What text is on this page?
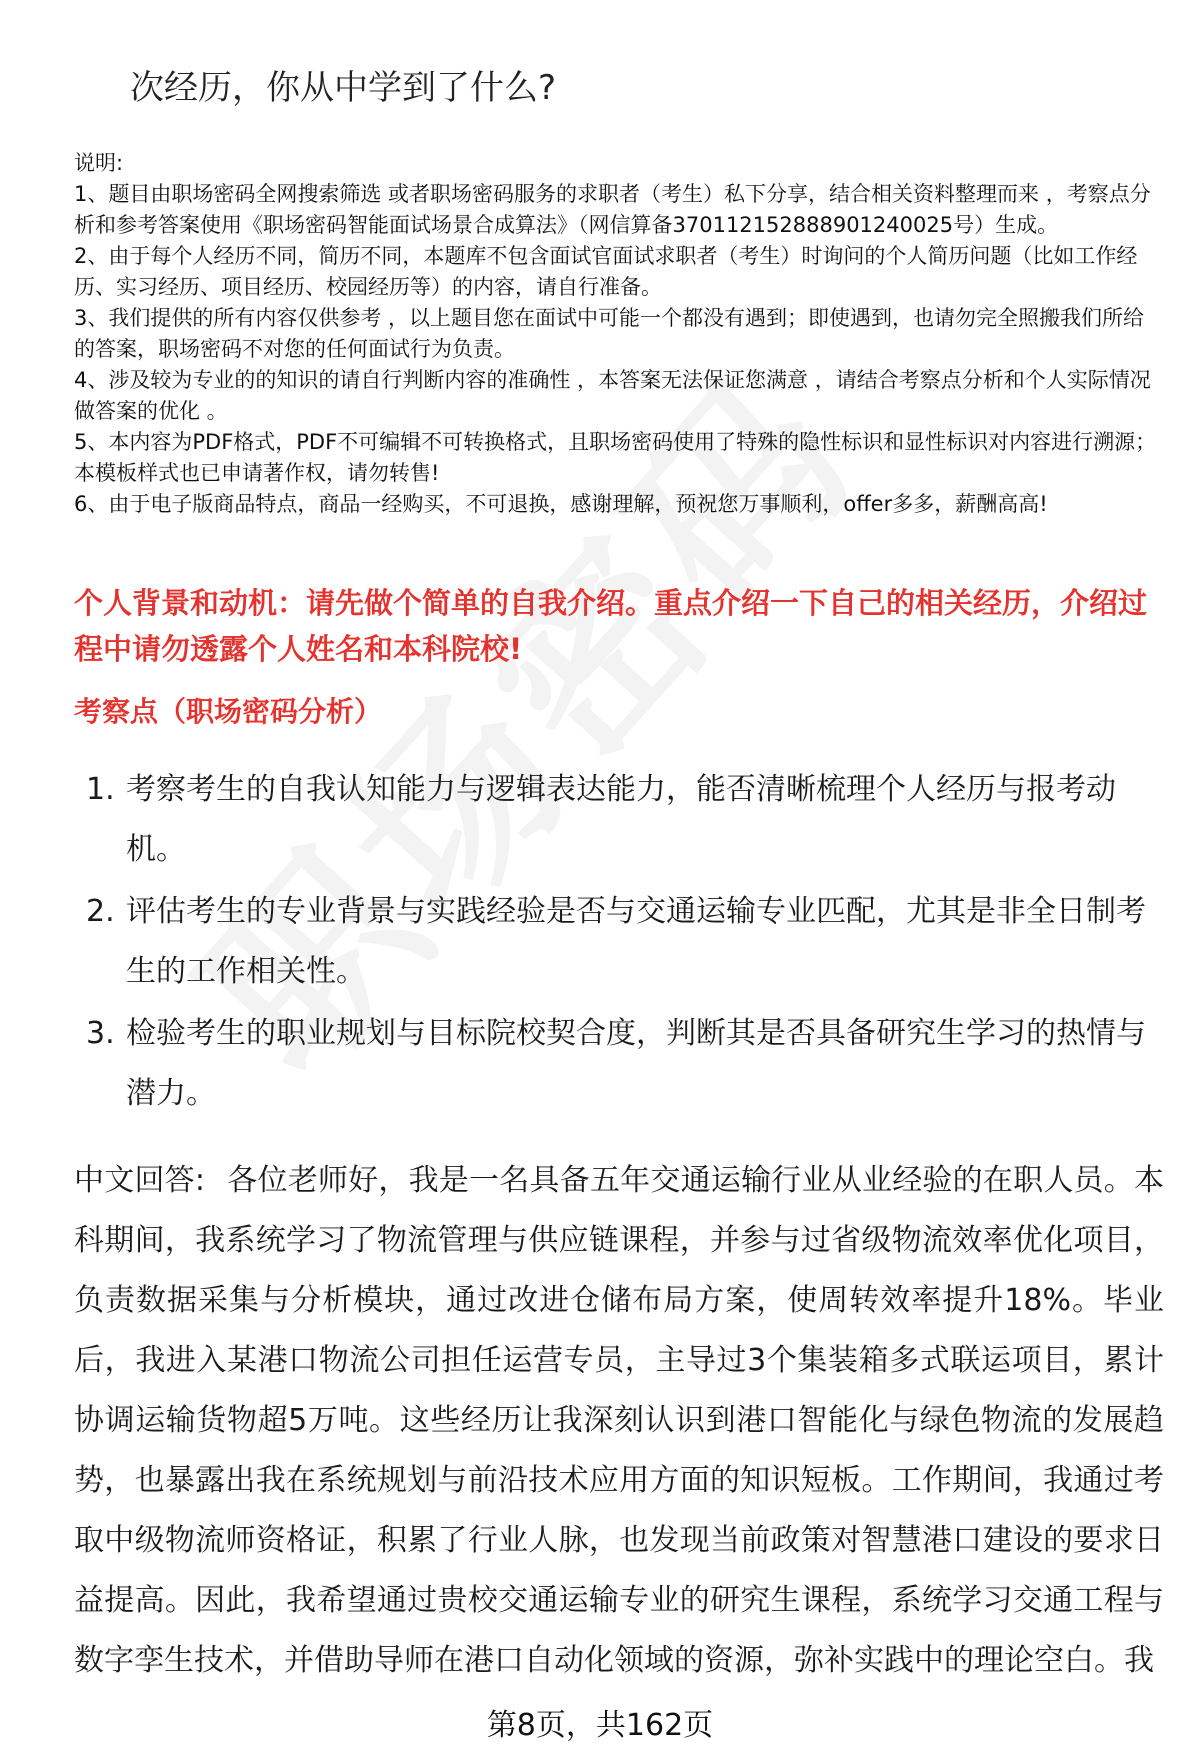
次经历，你从中学到了什么?

说明:

1、题目由职场密码全网搜索筛选 或者职场密码服务的求职者（考生）私下分享，结合相关资料整理而来 ，考察点分析和参考答案使用《职场密码智能面试场景合成算法》（网信算备370112152888901240025号）生成。

2、由于每个人经历不同，简历不同，本题库不包含面试官面试求职者（考生）时询问的个人简历问题（比如工作经历、实习经历、项目经历、校园经历等）的内容，请自行准备。

3、我们提供的所有内容仅供参考 ，以上题目您在面试中可能一个都没有遇到；即使遇到，也请勿完全照搬我们所给的答案，职场密码不对您的任何面试行为负责。

4、涉及较为专业的的知识的请自行判断内容的准确性 ，本答案无法保证您满意 ，请结合考察点分析和个人实际情况做答案的优化 。

5、本内容为PDF格式，PDF不可编辑不可转换格式，且职场密码使用了特殊的隐性标识和显性标识对内容进行溯源；本模板样式也已申请著作权，请勿转售!

6、由于电子版商品特点，商品一经购买，不可退换，感谢理解，预祝您万事顺利，offer多多，薪酬高高!

个人背景和动机：请先做个简单的自我介绍。重点介绍一下自己的相关经历，介绍过程中请勿透露个人姓名和本科院校!
考察点（职场密码分析）
1. 考察考生的自我认知能力与逻辑表达能力，能否清晰梳理个人经历与报考动机。
2. 评估考生的专业背景与实践经验是否与交通运输专业匹配，尤其是非全日制考生的工作相关性。
3. 检验考生的职业规划与目标院校契合度，判断其是否具备研究生学习的热情与潜力。
中文回答: 各位老师好，我是一名具备五年交通运输行业从业经验的在职人员。本科期间，我系统学习了物流管理与供应链课程，并参与过省级物流效率优化项目，负责数据采集与分析模块，通过改进仓储布局方案，使周转效率提升18%。毕业后，我进入某港口物流公司担任运营专员，主导过3个集装箱多式联运项目，累计协调运输货物超5万吨。这些经历让我深刻认识到港口智能化与绿色物流的发展趋势，也暴露出我在系统规划与前沿技术应用方面的知识短板。工作期间，我通过考取中级物流师资格证，积累了行业人脉，也发现当前政策对智慧港口建设的要求日益提高。因此，我希望通过贵校交通运输专业的研究生课程，系统学习交通工程与数字孪生技术，并借助导师在港口自动化领域的资源，弥补实践中的理论空白。我
第8页，共162页
